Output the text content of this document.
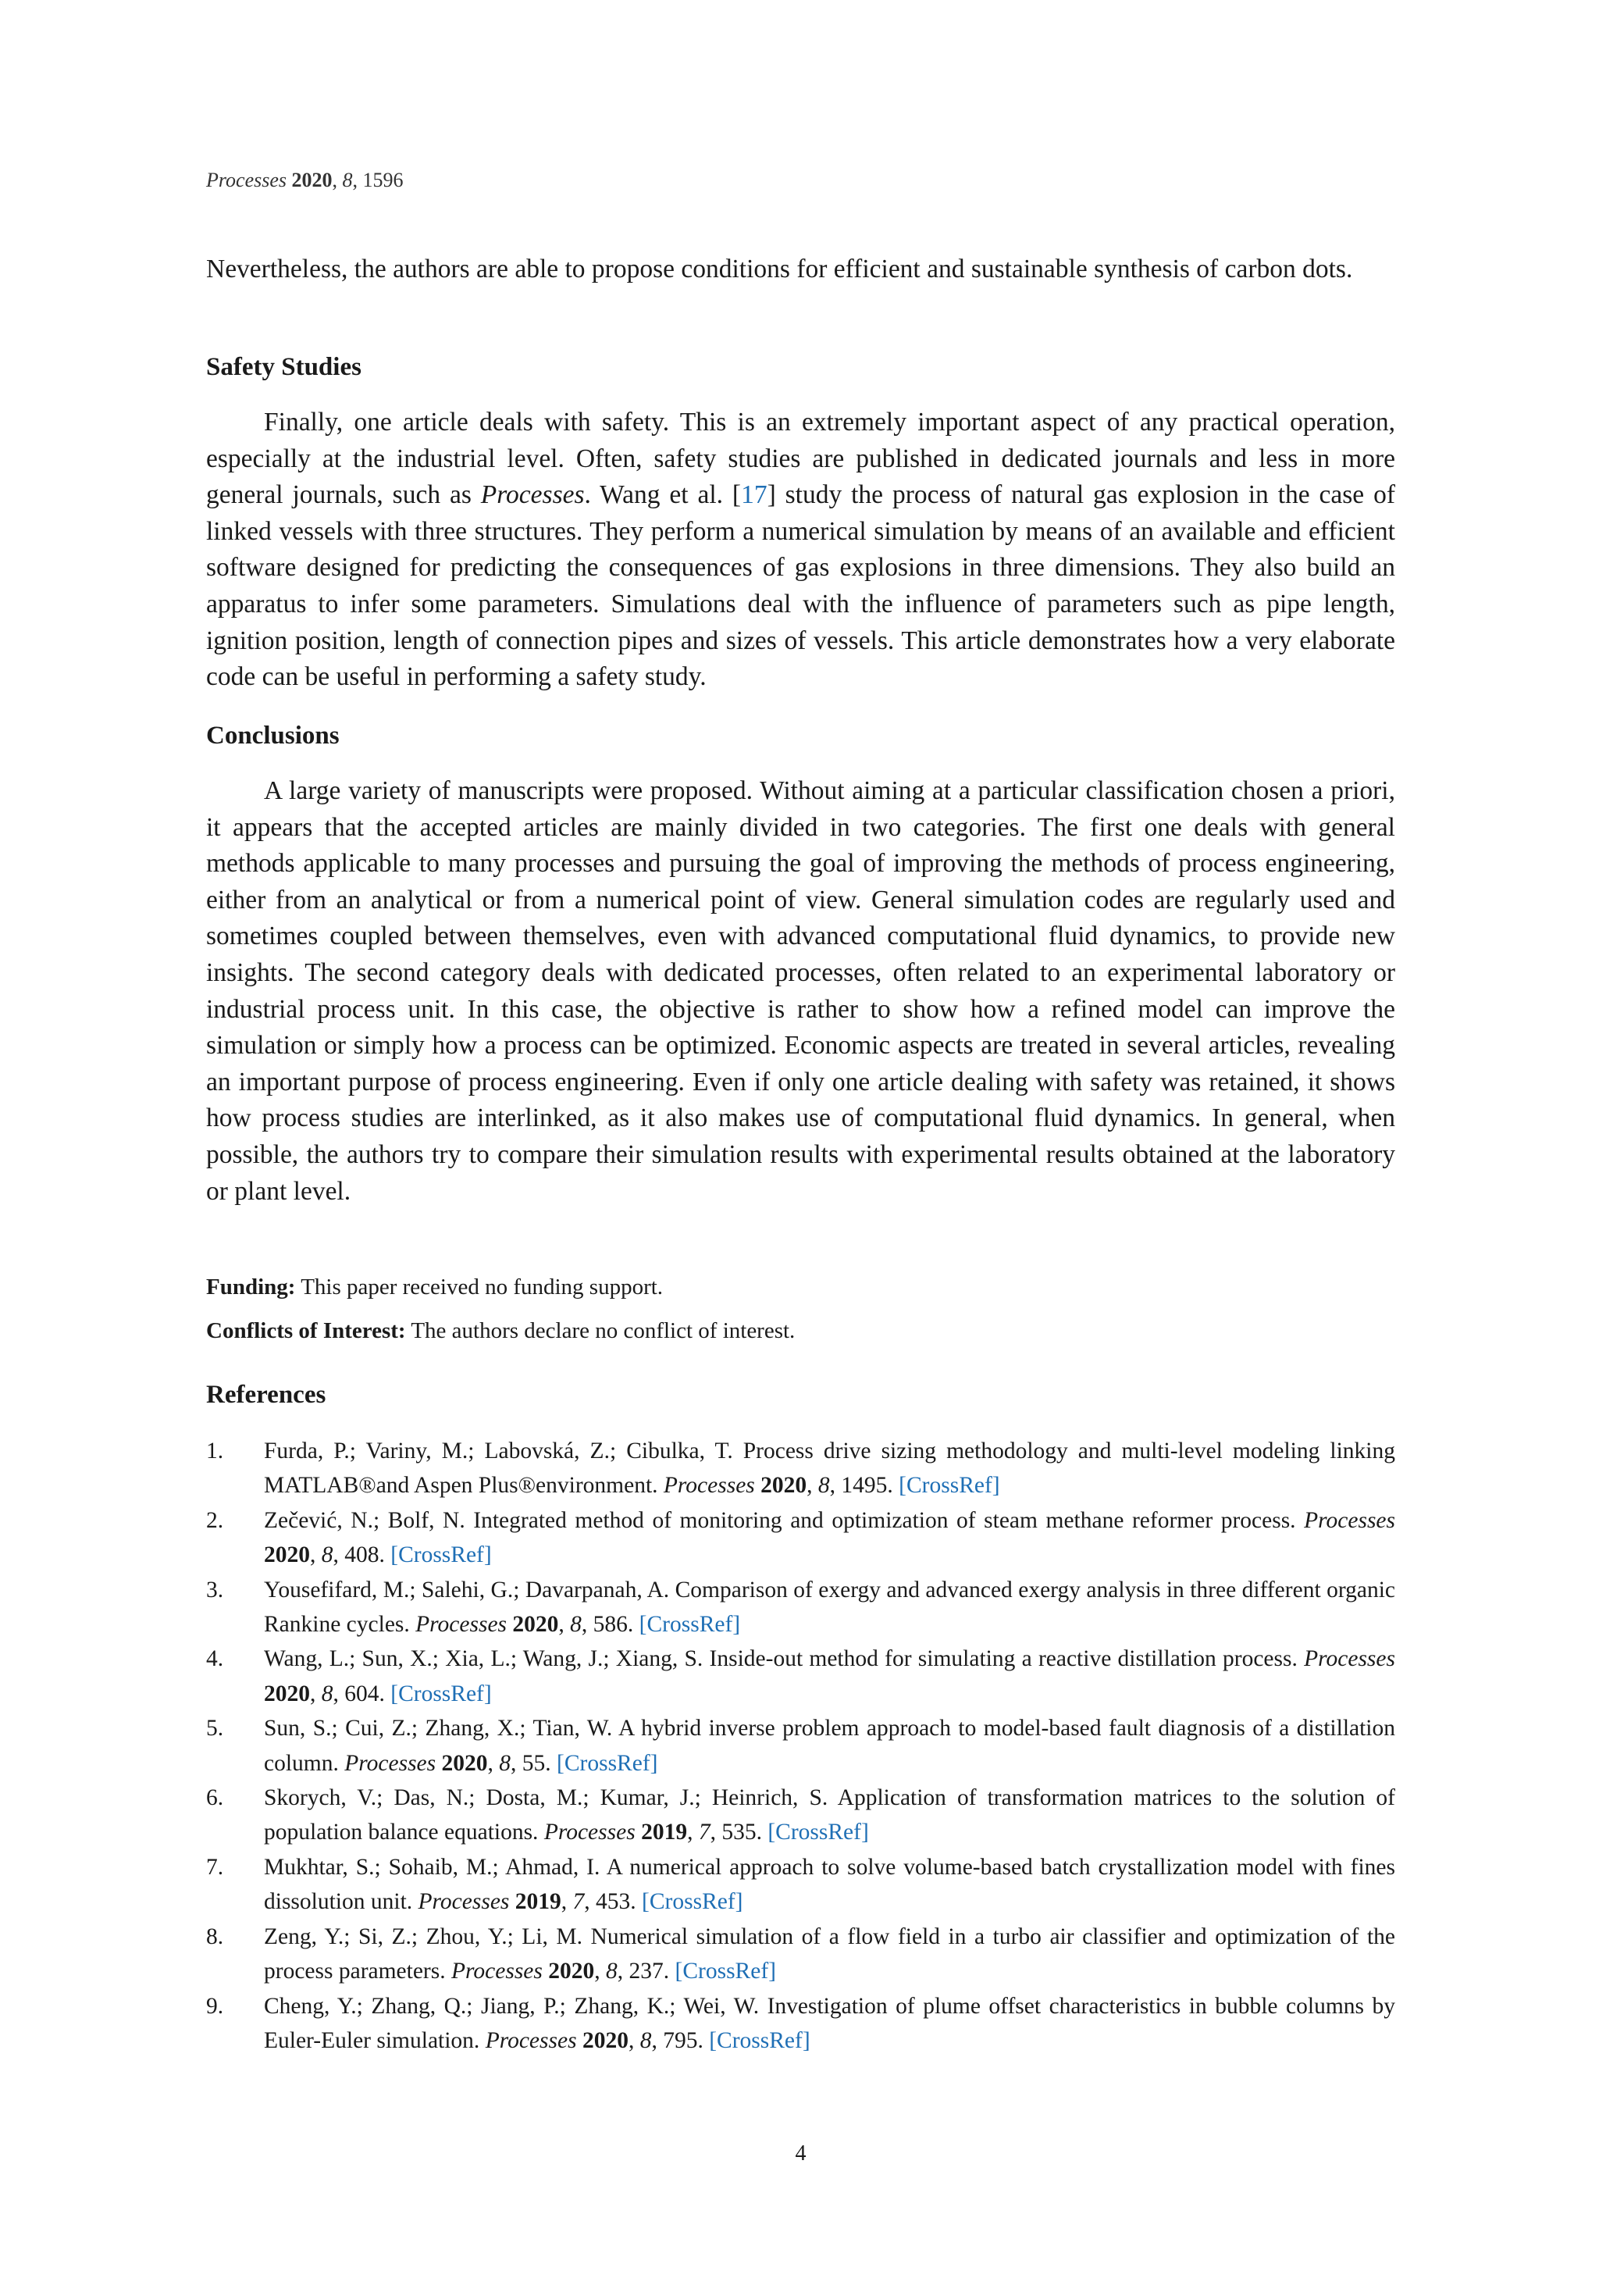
Processes 2020, 8, 1596

Nevertheless, the authors are able to propose conditions for efficient and sustainable synthesis of carbon dots.

Safety Studies

Finally, one article deals with safety. This is an extremely important aspect of any practical operation, especially at the industrial level. Often, safety studies are published in dedicated journals and less in more general journals, such as Processes. Wang et al. [17] study the process of natural gas explosion in the case of linked vessels with three structures. They perform a numerical simulation by means of an available and efficient software designed for predicting the consequences of gas explosions in three dimensions. They also build an apparatus to infer some parameters. Simulations deal with the influence of parameters such as pipe length, ignition position, length of connection pipes and sizes of vessels. This article demonstrates how a very elaborate code can be useful in performing a safety study.

Conclusions

A large variety of manuscripts were proposed. Without aiming at a particular classification chosen a priori, it appears that the accepted articles are mainly divided in two categories. The first one deals with general methods applicable to many processes and pursuing the goal of improving the methods of process engineering, either from an analytical or from a numerical point of view. General simulation codes are regularly used and sometimes coupled between themselves, even with advanced computational fluid dynamics, to provide new insights. The second category deals with dedicated processes, often related to an experimental laboratory or industrial process unit. In this case, the objective is rather to show how a refined model can improve the simulation or simply how a process can be optimized. Economic aspects are treated in several articles, revealing an important purpose of process engineering. Even if only one article dealing with safety was retained, it shows how process studies are interlinked, as it also makes use of computational fluid dynamics. In general, when possible, the authors try to compare their simulation results with experimental results obtained at the laboratory or plant level.

Funding: This paper received no funding support.

Conflicts of Interest: The authors declare no conflict of interest.

References

1. Furda, P.; Variny, M.; Labovská, Z.; Cibulka, T. Process drive sizing methodology and multi-level modeling linking MATLAB®and Aspen Plus®environment. Processes 2020, 8, 1495. [CrossRef]

2. Zečević, N.; Bolf, N. Integrated method of monitoring and optimization of steam methane reformer process. Processes 2020, 8, 408. [CrossRef]

3. Yousefifard, M.; Salehi, G.; Davarpanah, A. Comparison of exergy and advanced exergy analysis in three different organic Rankine cycles. Processes 2020, 8, 586. [CrossRef]

4. Wang, L.; Sun, X.; Xia, L.; Wang, J.; Xiang, S. Inside-out method for simulating a reactive distillation process. Processes 2020, 8, 604. [CrossRef]

5. Sun, S.; Cui, Z.; Zhang, X.; Tian, W. A hybrid inverse problem approach to model-based fault diagnosis of a distillation column. Processes 2020, 8, 55. [CrossRef]

6. Skorych, V.; Das, N.; Dosta, M.; Kumar, J.; Heinrich, S. Application of transformation matrices to the solution of population balance equations. Processes 2019, 7, 535. [CrossRef]

7. Mukhtar, S.; Sohaib, M.; Ahmad, I. A numerical approach to solve volume-based batch crystallization model with fines dissolution unit. Processes 2019, 7, 453. [CrossRef]

8. Zeng, Y.; Si, Z.; Zhou, Y.; Li, M. Numerical simulation of a flow field in a turbo air classifier and optimization of the process parameters. Processes 2020, 8, 237. [CrossRef]

9. Cheng, Y.; Zhang, Q.; Jiang, P.; Zhang, K.; Wei, W. Investigation of plume offset characteristics in bubble columns by Euler-Euler simulation. Processes 2020, 8, 795. [CrossRef]

4
